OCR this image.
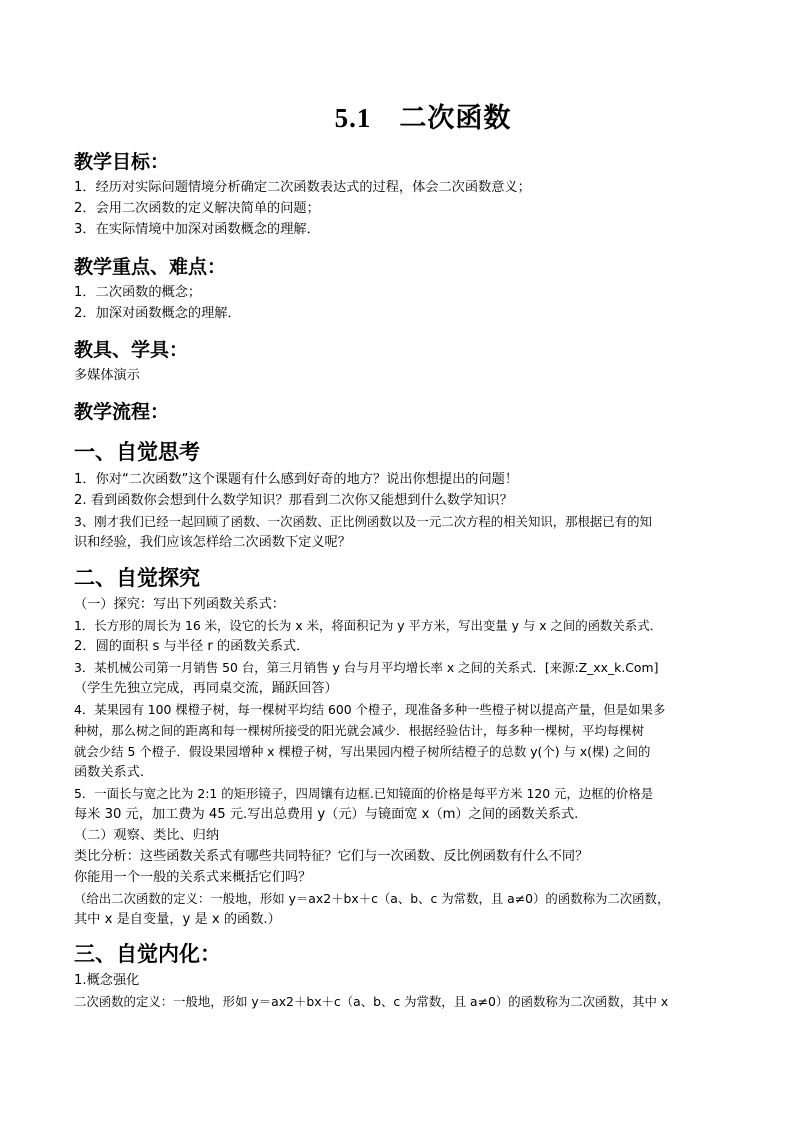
5.1 二次函数
教学目标：
1．经历对实际问题情境分析确定二次函数表达式的过程，体会二次函数意义；
2．会用二次函数的定义解决简单的问题；
3．在实际情境中加深对函数概念的理解．
教学重点、难点：
1．二次函数的概念；
2．加深对函数概念的理解．
教具、学具：
多媒体演示
教学流程：
一、自觉思考
1．你对“二次函数”这个课题有什么感到好奇的地方？说出你想提出的问题！
2. 看到函数你会想到什么数学知识？那看到二次你又能想到什么数学知识？
3、刚才我们已经一起回顾了函数、一次函数、正比例函数以及一元二次方程的相关知识，那根据已有的知
识和经验，我们应该怎样给二次函数下定义呢？
二、自觉探究
（一）探究：写出下列函数关系式：
1．长方形的周长为 16 米，设它的长为 x 米，将面积记为 y 平方米，写出变量 y 与 x 之间的函数关系式．
2．圆的面积 s 与半径 r 的函数关系式．
3．某机械公司第一月销售 50 台，第三月销售 y 台与月平均增长率 x 之间的关系式．[来源:Z_xx_k.Com]
（学生先独立完成，再同桌交流，踊跃回答）
4．某果园有 100 棵橙子树，每一棵树平均结 600 个橙子，现准备多种一些橙子树以提高产量，但是如果多
种树，那么树之间的距离和每一棵树所接受的阳光就会减少．根据经验估计，每多种一棵树，平均每棵树
就会少结 5 个橙子．假设果园增种 x 棵橙子树，写出果园内橙子树所结橙子的总数 y(个) 与 x(棵) 之间的
函数关系式.
5．一面长与宽之比为 2:1 的矩形镜子，四周镶有边框.已知镜面的价格是每平方米 120 元，边框的价格是
每米 30 元，加工费为 45 元.写出总费用 y（元）与镜面宽 x（m）之间的函数关系式.
（二）观察、类比、归纳
类比分析：这些函数关系式有哪些共同特征？它们与一次函数、反比例函数有什么不同？
你能用一个一般的关系式来概括它们吗？
（给出二次函数的定义：一般地，形如 y＝ax2＋bx＋c（a、b、c 为常数，且 a≠0）的函数称为二次函数，
其中 x 是自变量，y 是 x 的函数.）
三、自觉内化：
1.概念强化
二次函数的定义：一般地，形如 y＝ax2＋bx＋c（a、b、c 为常数，且 a≠0）的函数称为二次函数，其中 x
